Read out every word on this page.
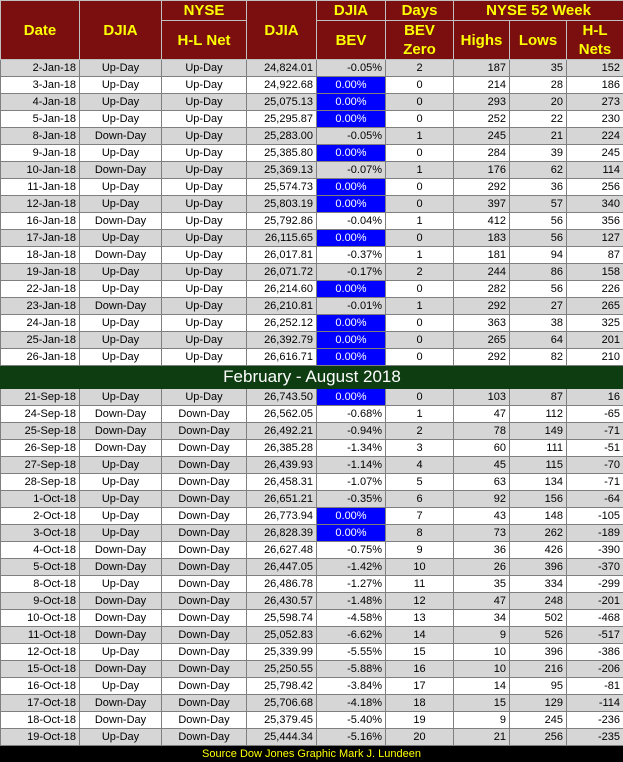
Date	DJIA	NYSE	DJIA	DJIA	Days	NYSE 52 Week		
		H-L Net		BEV	BEV Zero	Highs	Lows	H-L Nets
2-Jan-18	Up-Day	Up-Day	24,824.01	-0.05%	2	187	35	152
3-Jan-18	Up-Day	Up-Day	24,922.68	0.00%	0	214	28	186
4-Jan-18	Up-Day	Up-Day	25,075.13	0.00%	0	293	20	273
5-Jan-18	Up-Day	Up-Day	25,295.87	0.00%	0	252	22	230
8-Jan-18	Down-Day	Up-Day	25,283.00	-0.05%	1	245	21	224
9-Jan-18	Up-Day	Up-Day	25,385.80	0.00%	0	284	39	245
10-Jan-18	Down-Day	Up-Day	25,369.13	-0.07%	1	176	62	114
11-Jan-18	Up-Day	Up-Day	25,574.73	0.00%	0	292	36	256
12-Jan-18	Up-Day	Up-Day	25,803.19	0.00%	0	397	57	340
16-Jan-18	Down-Day	Up-Day	25,792.86	-0.04%	1	412	56	356
17-Jan-18	Up-Day	Up-Day	26,115.65	0.00%	0	183	56	127
18-Jan-18	Down-Day	Up-Day	26,017.81	-0.37%	1	181	94	87
19-Jan-18	Up-Day	Up-Day	26,071.72	-0.17%	2	244	86	158
22-Jan-18	Up-Day	Up-Day	26,214.60	0.00%	0	282	56	226
23-Jan-18	Down-Day	Up-Day	26,210.81	-0.01%	1	292	27	265
24-Jan-18	Up-Day	Up-Day	26,252.12	0.00%	0	363	38	325
25-Jan-18	Up-Day	Up-Day	26,392.79	0.00%	0	265	64	201
26-Jan-18	Up-Day	Up-Day	26,616.71	0.00%	0	292	82	210
February - August 2018								
21-Sep-18	Up-Day	Up-Day	26,743.50	0.00%	0	103	87	16
24-Sep-18	Down-Day	Down-Day	26,562.05	-0.68%	1	47	112	-65
25-Sep-18	Down-Day	Down-Day	26,492.21	-0.94%	2	78	149	-71
26-Sep-18	Down-Day	Down-Day	26,385.28	-1.34%	3	60	111	-51
27-Sep-18	Up-Day	Down-Day	26,439.93	-1.14%	4	45	115	-70
28-Sep-18	Up-Day	Down-Day	26,458.31	-1.07%	5	63	134	-71
1-Oct-18	Up-Day	Down-Day	26,651.21	-0.35%	6	92	156	-64
2-Oct-18	Up-Day	Down-Day	26,773.94	0.00%	7	43	148	-105
3-Oct-18	Up-Day	Down-Day	26,828.39	0.00%	8	73	262	-189
4-Oct-18	Down-Day	Down-Day	26,627.48	-0.75%	9	36	426	-390
5-Oct-18	Down-Day	Down-Day	26,447.05	-1.42%	10	26	396	-370
8-Oct-18	Up-Day	Down-Day	26,486.78	-1.27%	11	35	334	-299
9-Oct-18	Down-Day	Down-Day	26,430.57	-1.48%	12	47	248	-201
10-Oct-18	Down-Day	Down-Day	25,598.74	-4.58%	13	34	502	-468
11-Oct-18	Down-Day	Down-Day	25,052.83	-6.62%	14	9	526	-517
12-Oct-18	Up-Day	Down-Day	25,339.99	-5.55%	15	10	396	-386
15-Oct-18	Down-Day	Down-Day	25,250.55	-5.88%	16	10	216	-206
16-Oct-18	Up-Day	Down-Day	25,798.42	-3.84%	17	14	95	-81
17-Oct-18	Down-Day	Down-Day	25,706.68	-4.18%	18	15	129	-114
18-Oct-18	Down-Day	Down-Day	25,379.45	-5.40%	19	9	245	-236
19-Oct-18	Up-Day	Down-Day	25,444.34	-5.16%	20	21	256	-235
Source Dow Jones Graphic Mark J. Lundeen
